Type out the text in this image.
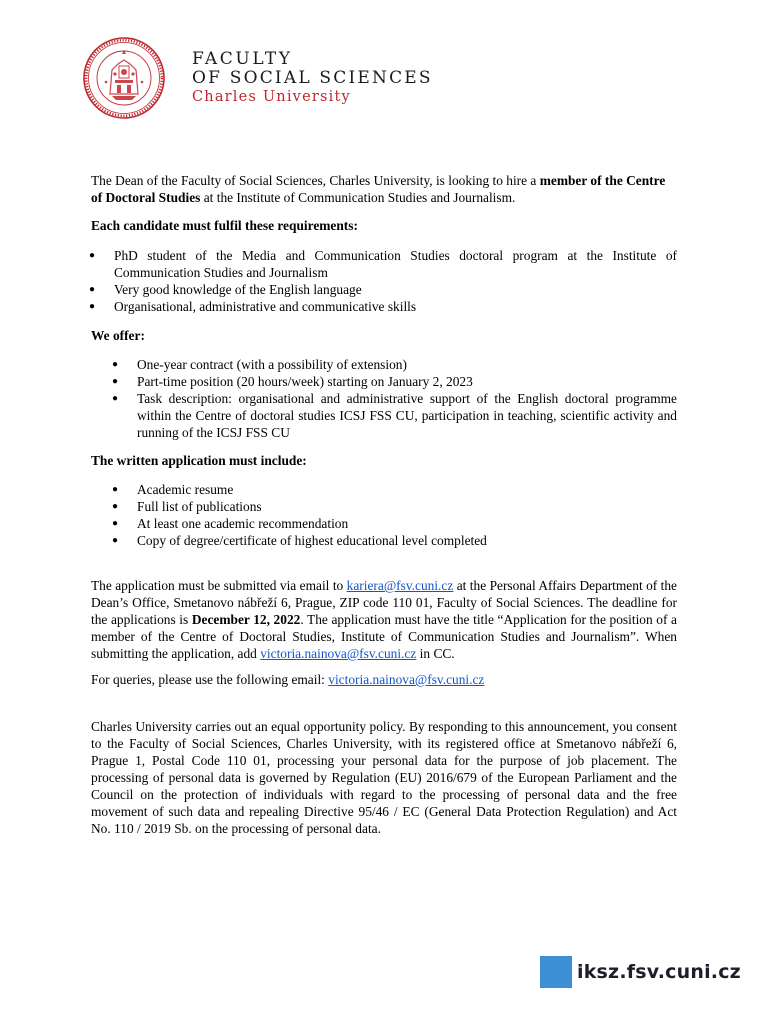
FACULTY
OF SOCIAL SCIENCES
Charles University

The Dean of the Faculty of Social Sciences, Charles University, is looking to hire a member of the Centre of Doctoral Studies at the Institute of Communication Studies and Journalism.

Each candidate must fulfil these requirements:

● PhD student of the Media and Communication Studies doctoral program at the Institute of Communication Studies and Journalism
● Very good knowledge of the English language
● Organisational, administrative and communicative skills

We offer:

● One-year contract (with a possibility of extension)
● Part-time position (20 hours/week) starting on January 2, 2023
● Task description: organisational and administrative support of the English doctoral programme within the Centre of doctoral studies ICSJ FSS CU, participation in teaching, scientific activity and running of the ICSJ FSS CU

The written application must include:

● Academic resume
● Full list of publications
● At least one academic recommendation
● Copy of degree/certificate of highest educational level completed

The application must be submitted via email to kariera@fsv.cuni.cz at the Personal Affairs Department of the Dean’s Office, Smetanovo nábřeží 6, Prague, ZIP code 110 01, Faculty of Social Sciences. The deadline for the applications is December 12, 2022. The application must have the title “Application for the position of a member of the Centre of Doctoral Studies, Institute of Communication Studies and Journalism”. When submitting the application, add victoria.nainova@fsv.cuni.cz in CC.

For queries, please use the following email: victoria.nainova@fsv.cuni.cz

Charles University carries out an equal opportunity policy. By responding to this announcement, you consent to the Faculty of Social Sciences, Charles University, with its registered office at Smetanovo nábřeží 6, Prague 1, Postal Code 110 01, processing your personal data for the purpose of job placement. The processing of personal data is governed by Regulation (EU) 2016/679 of the European Parliament and the Council on the protection of individuals with regard to the processing of personal data and the free movement of such data and repealing Directive 95/46 / EC (General Data Protection Regulation) and Act No. 110 / 2019 Sb. on the processing of personal data.

iksz.fsv.cuni.cz
